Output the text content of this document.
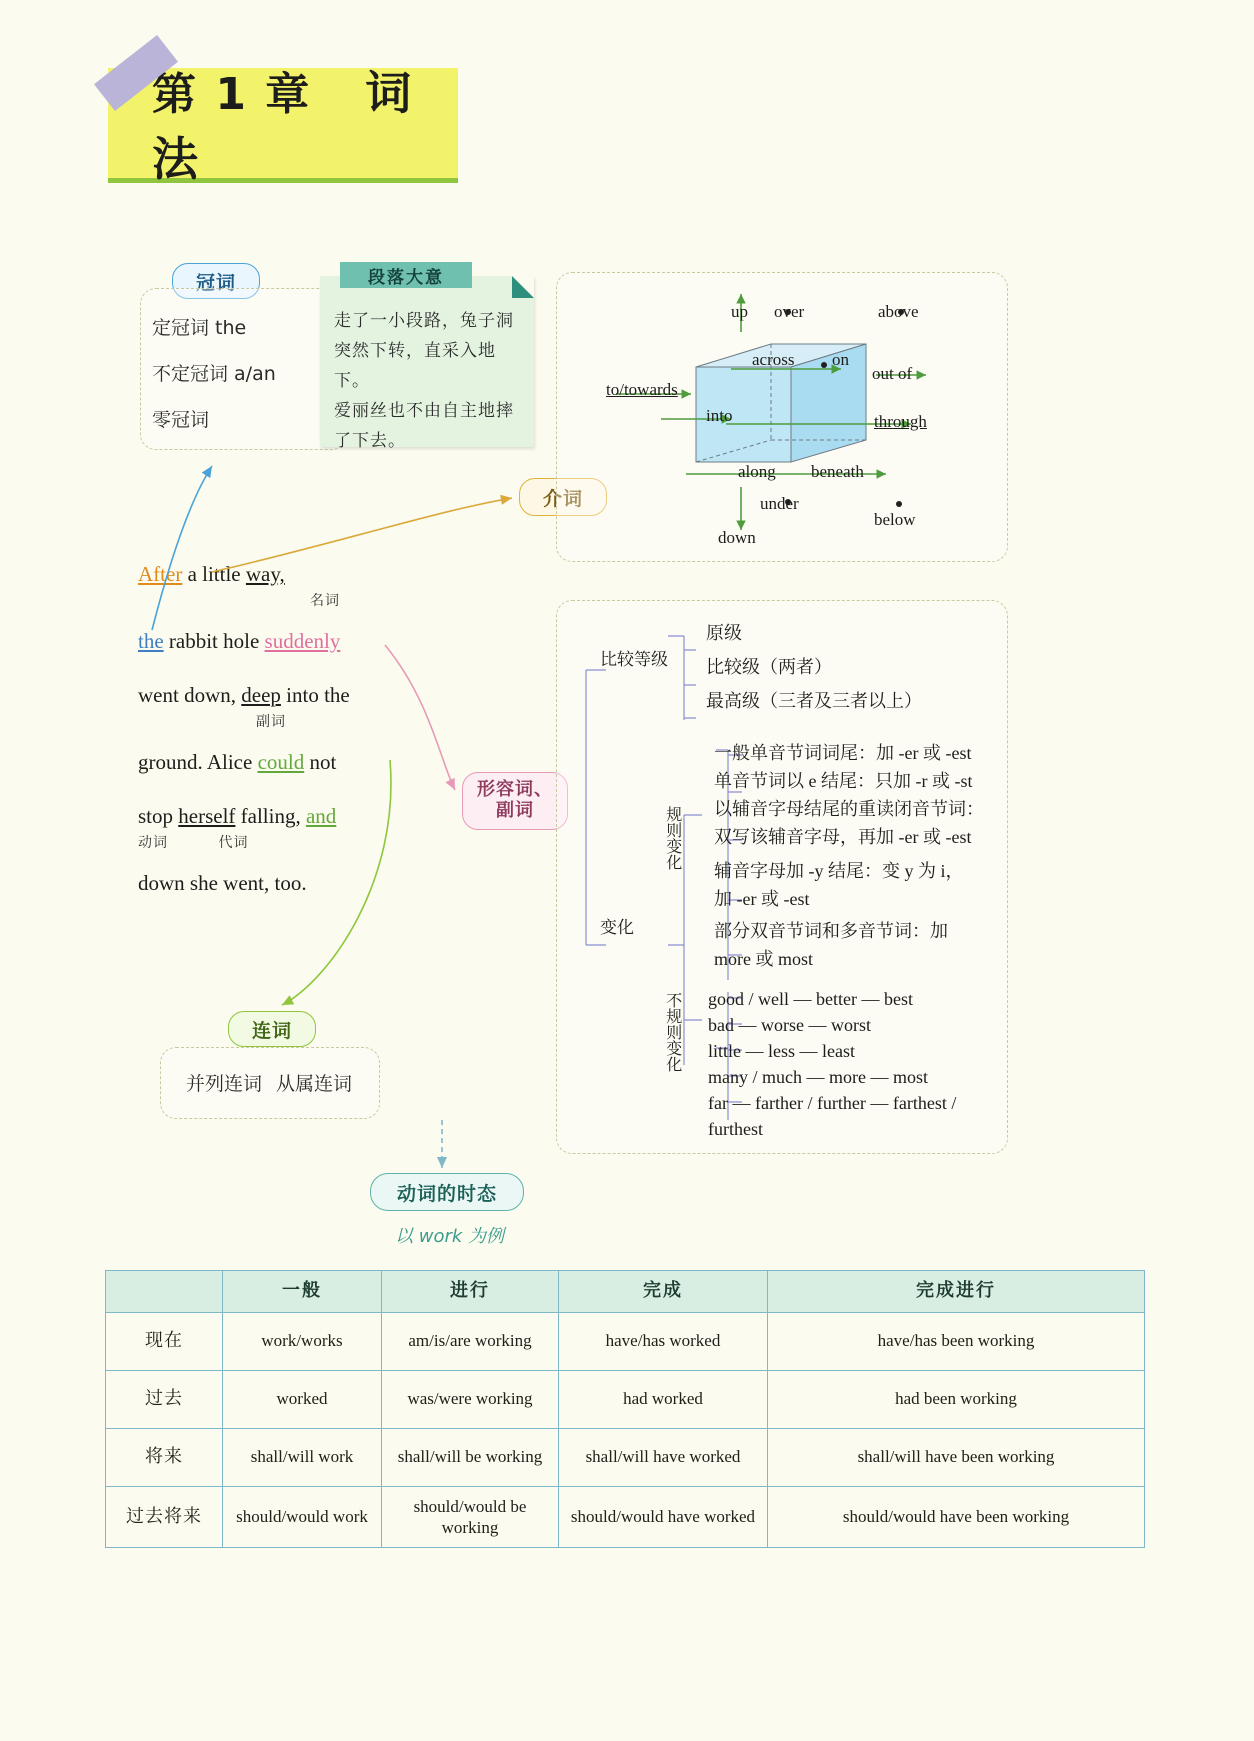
第 1 章 词法
冠词
定冠词 the
不定冠词 a/an
零冠词
段落大意
走了一小段路，兔子洞
突然下转，直采入地下。
爱丽丝也不由自主地摔
了下去。
介词
up over	above
across on
out of
to/towards
into	through
along beneath
under
below
down
After a little way,
名词
the rabbit hole suddenly
went down, deep into the
副词
ground. Alice could not
stop herself falling, and
动词	代词
down she went, too.
连词
并列连词 从属连词
形容词、
副词
比较等级
原级
比较级（两者）
最高级（三者及三者以上）
变化
规则变化
一般单音节词词尾：加 -er 或 -est
单音节词以 e 结尾：只加 -r 或 -st
以辅音字母结尾的重读闭音节词：
双写该辅音字母，再加 -er 或 -est
辅音字母加 -y 结尾：变 y 为 i，
加 -er 或 -est
部分双音节词和多音节词：加
more 或 most
不规则变化 good / well — better — best
bad — worse — worst
little — less — least
many / much — more — most
far — farther / further — farthest /
furthest
动词的时态
以 work 为例
	一般	进行	完成	完成进行
现在	work/works	am/is/are working	have/has worked	have/has been working
过去	worked	was/were working	had worked	had been working
将来	shall/will work	shall/will be working	shall/will have worked	shall/will have been working
过去将来	should/would work	should/would be working	should/would have worked	should/would have been working
